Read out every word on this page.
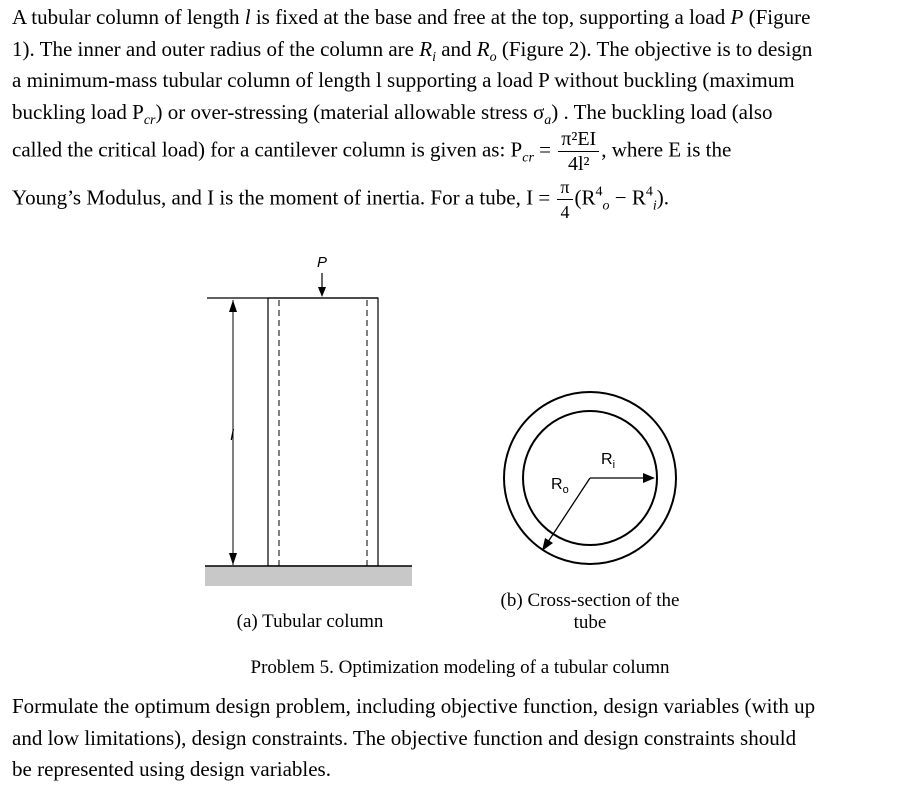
A tubular column of length l is fixed at the base and free at the top, supporting a load P (Figure
1). The inner and outer radius of the column are $R_i$ and $R_o$ (Figure 2). The objective is to design
a minimum-mass tubular column of length l supporting a load P without buckling (maximum
buckling load $P_{cr}$) or over-stressing (material allowable stress $\sigma_a$) . The buckling load (also
called the critical load) for a cantilever column is given as: $P_{cr} = \frac{\text{π²EI}}{\text{4l²}}$ , where E is the
Young’s Modulus, and I is the moment of inertia. For a tube, $I = \frac{\pi}{4} (R^4_o - R^4_i)$.
l
P
$R_i$
$R_o$
(a) Tubular column
(b) Cross-section of the
tube
Problem 5. Optimization modeling of a tubular column
Formulate the optimum design problem, including objective function, design variables (with up
and low limitations), design constraints. The objective function and design constraints should
be represented using design variables.
